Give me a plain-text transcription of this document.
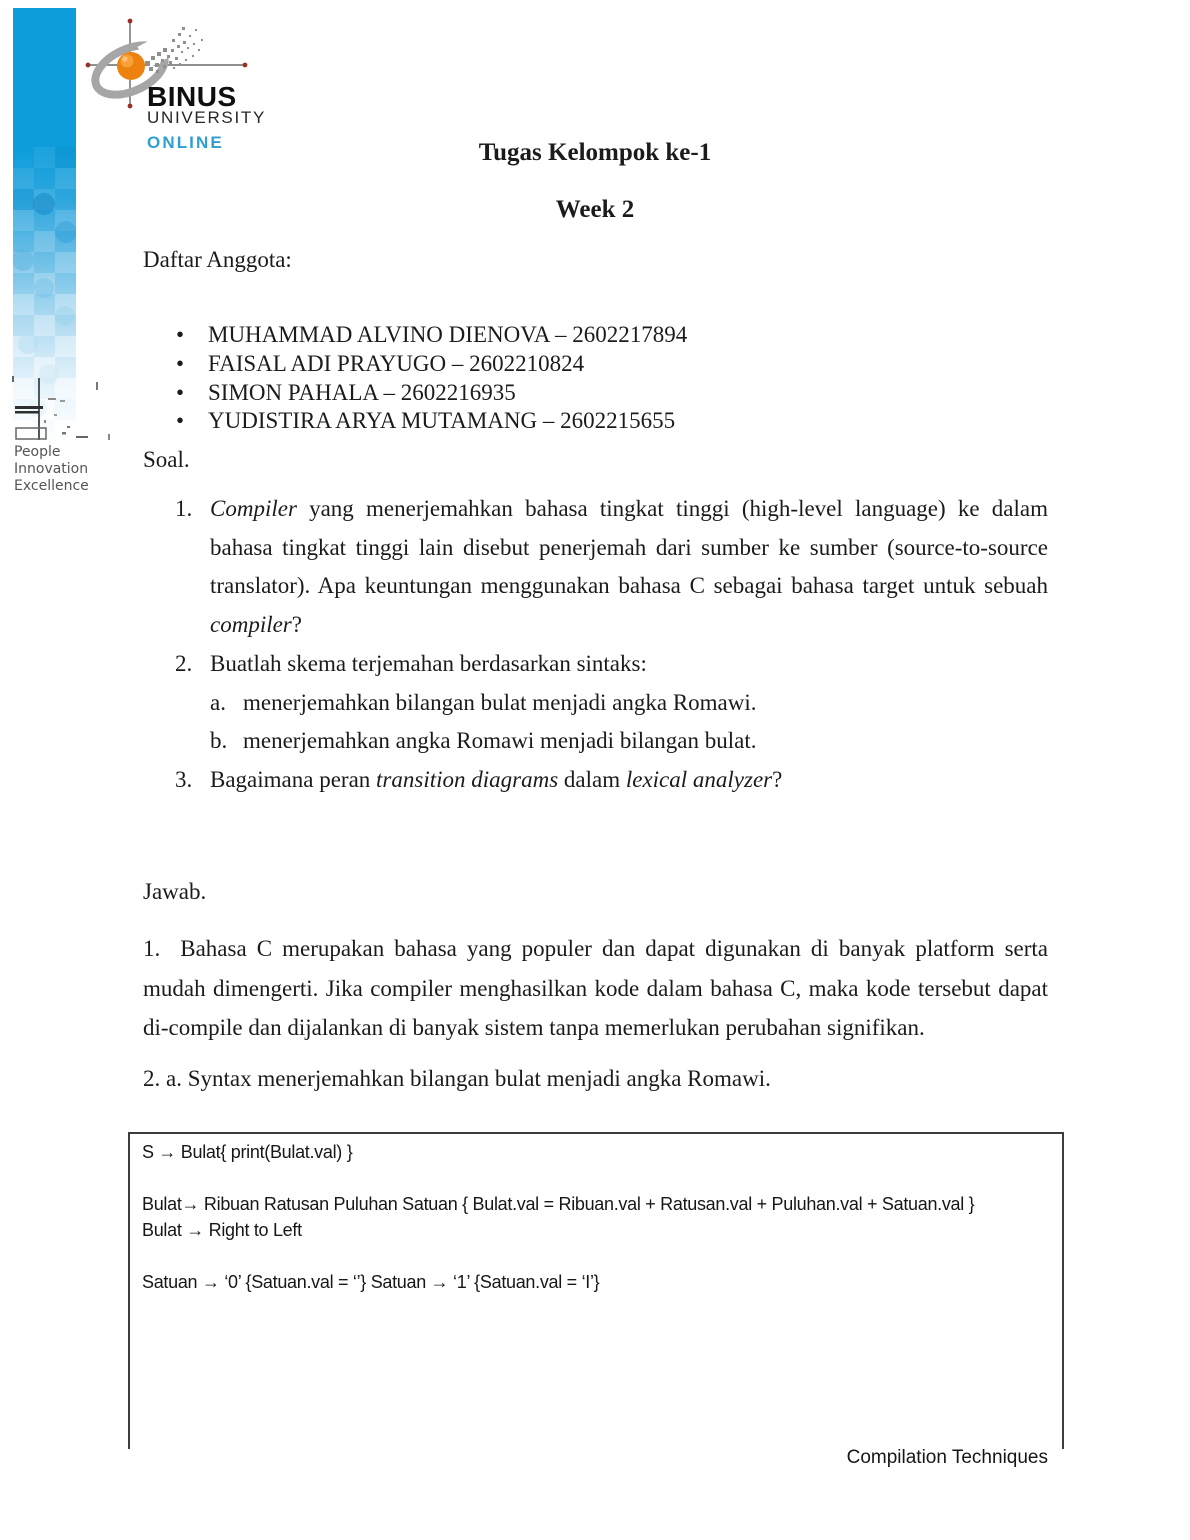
People
Innovation
Excellence
BINUS
UNIVERSITY
ONLINE	Tugas Kelompok ke-1
Week 2
Daftar Anggota:
• MUHAMMAD ALVINO DIENOVA – 2602217894
• FAISAL ADI PRAYUGO – 2602210824
• SIMON PAHALA – 2602216935
• YUDISTIRA ARYA MUTAMANG – 2602215655
Soal.
1. Compiler yang menerjemahkan bahasa tingkat tinggi (high-level language) ke dalam bahasa tingkat tinggi lain disebut penerjemah dari sumber ke sumber (source-to-source translator). Apa keuntungan menggunakan bahasa C sebagai bahasa target untuk sebuah compiler?
2. Buatlah skema terjemahan berdasarkan sintaks:
a. menerjemahkan bilangan bulat menjadi angka Romawi.
b. menerjemahkan angka Romawi menjadi bilangan bulat.
3. Bagaimana peran transition diagrams dalam lexical analyzer?
Jawab.
1. Bahasa C merupakan bahasa yang populer dan dapat digunakan di banyak platform serta mudah dimengerti. Jika compiler menghasilkan kode dalam bahasa C, maka kode tersebut dapat di-compile dan dijalankan di banyak sistem tanpa memerlukan perubahan signifikan.
2. a. Syntax menerjemahkan bilangan bulat menjadi angka Romawi.
S → Bulat{ print(Bulat.val) }
Bulat→ Ribuan Ratusan Puluhan Satuan { Bulat.val = Ribuan.val + Ratusan.val + Puluhan.val + Satuan.val }
Bulat → Right to Left
Satuan → ‘0’ {Satuan.val = ‘’} Satuan → ‘1’ {Satuan.val = ‘I’}
Compilation Techniques
